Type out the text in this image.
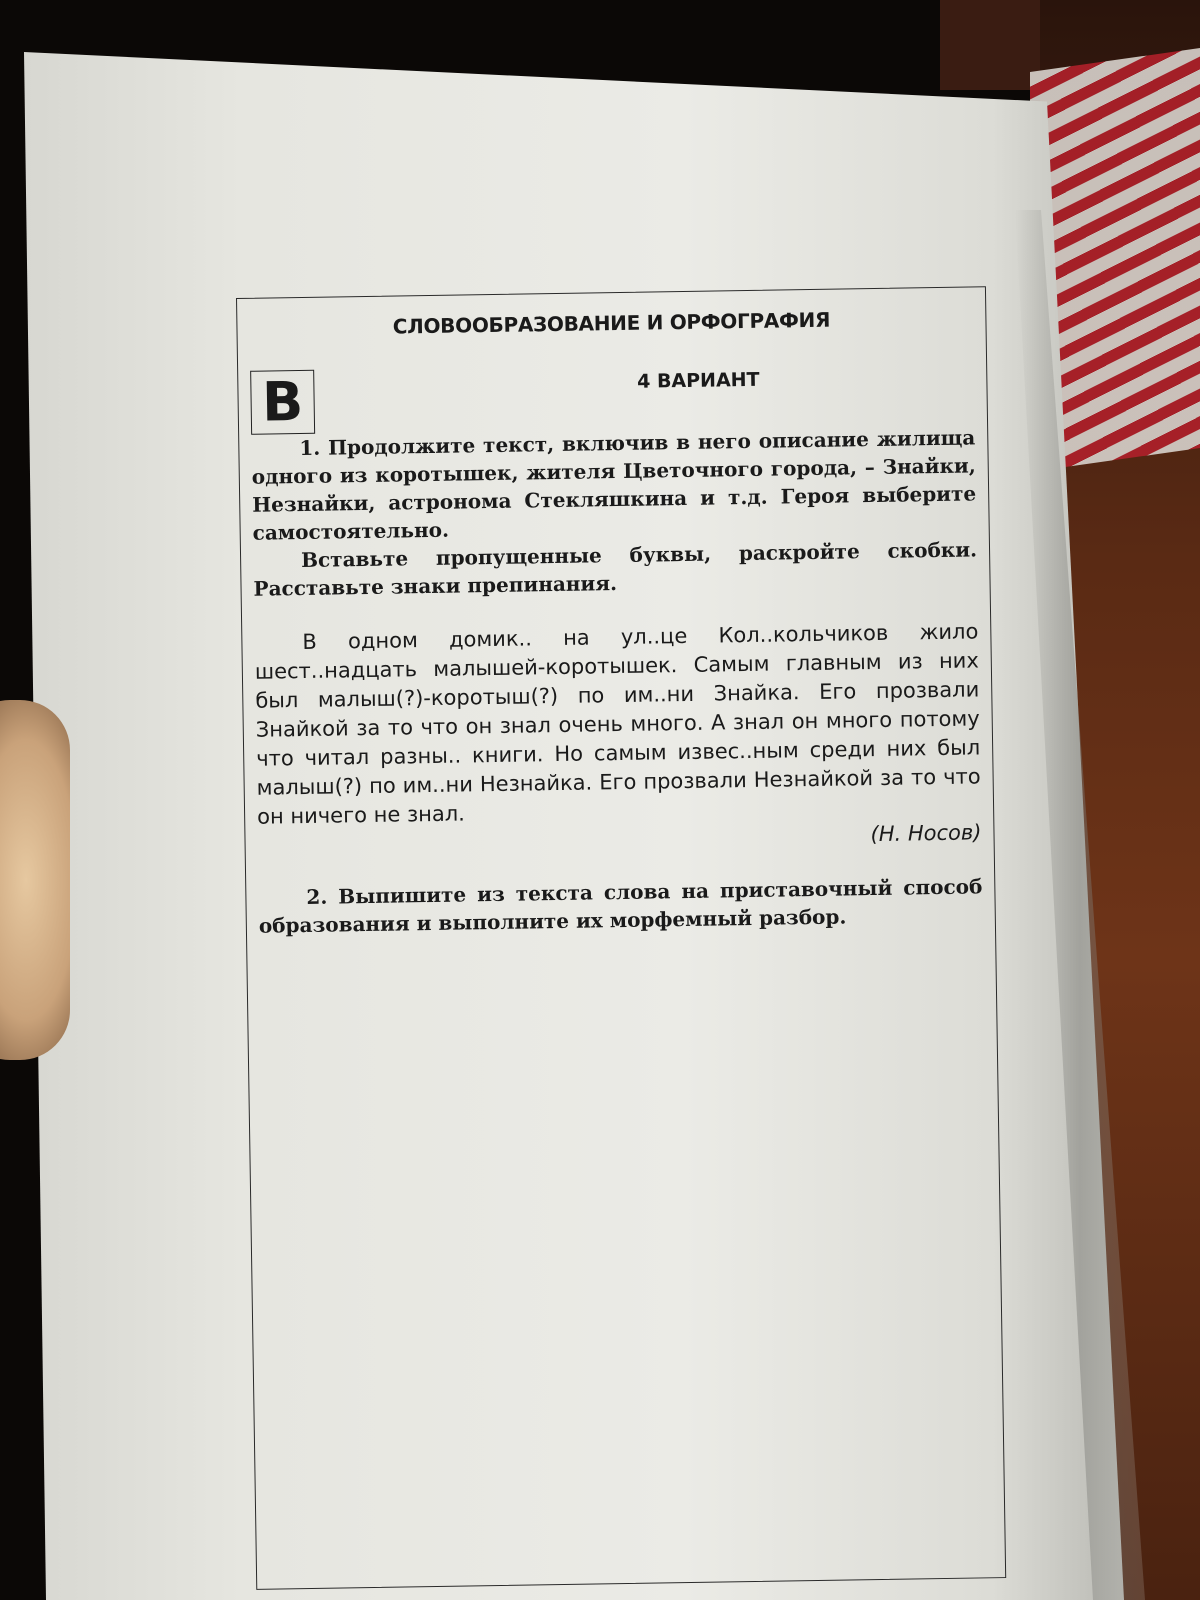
СЛОВООБРАЗОВАНИЕ И ОРФОГРАФИЯ
В	4 ВАРИАНТ

1. Продолжите текст, включив в него описание жилища одного из коротышек, жителя Цветочного города, – Знайки, Незнайки, астронома Стекляшкина и т.д. Героя выберите самостоятельно.

Вставьте пропущенные буквы, раскройте скобки. Расставьте знаки препинания.

В одном домик.. на ул..це Кол..кольчиков жило шест..надцать малышей-коротышек. Самым главным из них был малыш(?)-коротыш(?) по им..ни Знайка. Его прозвали Знайкой за то что он знал очень много. А знал он много потому что читал разны.. книги. Но самым извес..ным среди них был малыш(?) по им..ни Незнайка. Его прозвали Незнайкой за то что он ничего не знал.

(Н. Носов)

2. Выпишите из текста слова на приставочный способ образования и выполните их морфемный разбор.
